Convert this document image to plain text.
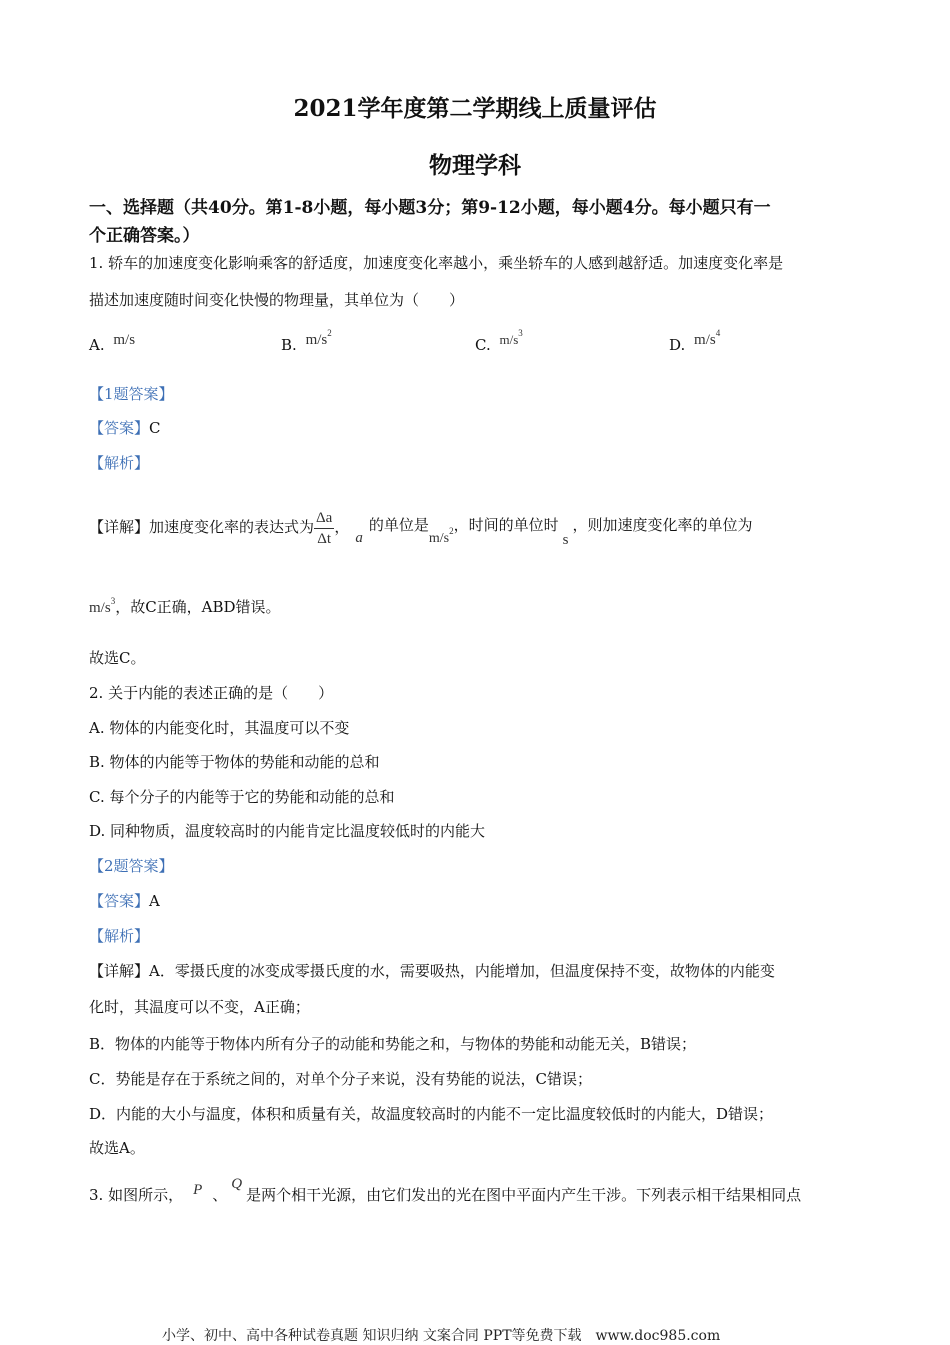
2021学年度第二学期线上质量评估
物理学科
一、选择题（共40分。第1-8小题，每小题3分；第9-12小题，每小题4分。每小题只有一
个正确答案。）
1. 轿车的加速度变化影响乘客的舒适度，加速度变化率越小，乘坐轿车的人感到越舒适。加速度变化率是
描述加速度随时间变化快慢的物理量，其单位为（　　）
A. m/s	B. $m/s^2$
C. $m/s^3$
D. $m/s^4$
【1题答案】
【答案】C
【解析】
【详解】加速度变化率的表达式为 $\frac{\Delta a}{\Delta t}$ ，a的单位是$m/s^2$，时间的单位时s，则加速度变化率的单位为
$m/s^3$，故C正确，ABD错误。
故选C。
2. 关于内能的表述正确的是（　　）
A. 物体的内能变化时，其温度可以不变
B. 物体的内能等于物体的势能和动能的总和
C. 每个分子的内能等于它的势能和动能的总和
D. 同种物质，温度较高时的内能肯定比温度较低时的内能大
【2题答案】
【答案】A
【解析】
【详解】A．零摄氏度的冰变成零摄氏度的水，需要吸热，内能增加，但温度保持不变，故物体的内能变
化时，其温度可以不变，A正确；
B．物体的内能等于物体内所有分子的动能和势能之和，与物体的势能和动能无关，B错误；
C．势能是存在于系统之间的，对单个分子来说，没有势能的说法，C错误；
D．内能的大小与温度，体积和质量有关，故温度较高时的内能不一定比温度较低时的内能大，D错误；
故选A。
3. 如图所示， P 、Q是两个相干光源，由它们发出的光在图中平面内产生干涉。下列表示相干结果相同点
小学、初中、高中各种试卷真题 知识归纳 文案合同 PPT等免费下载 www.doc985.com
